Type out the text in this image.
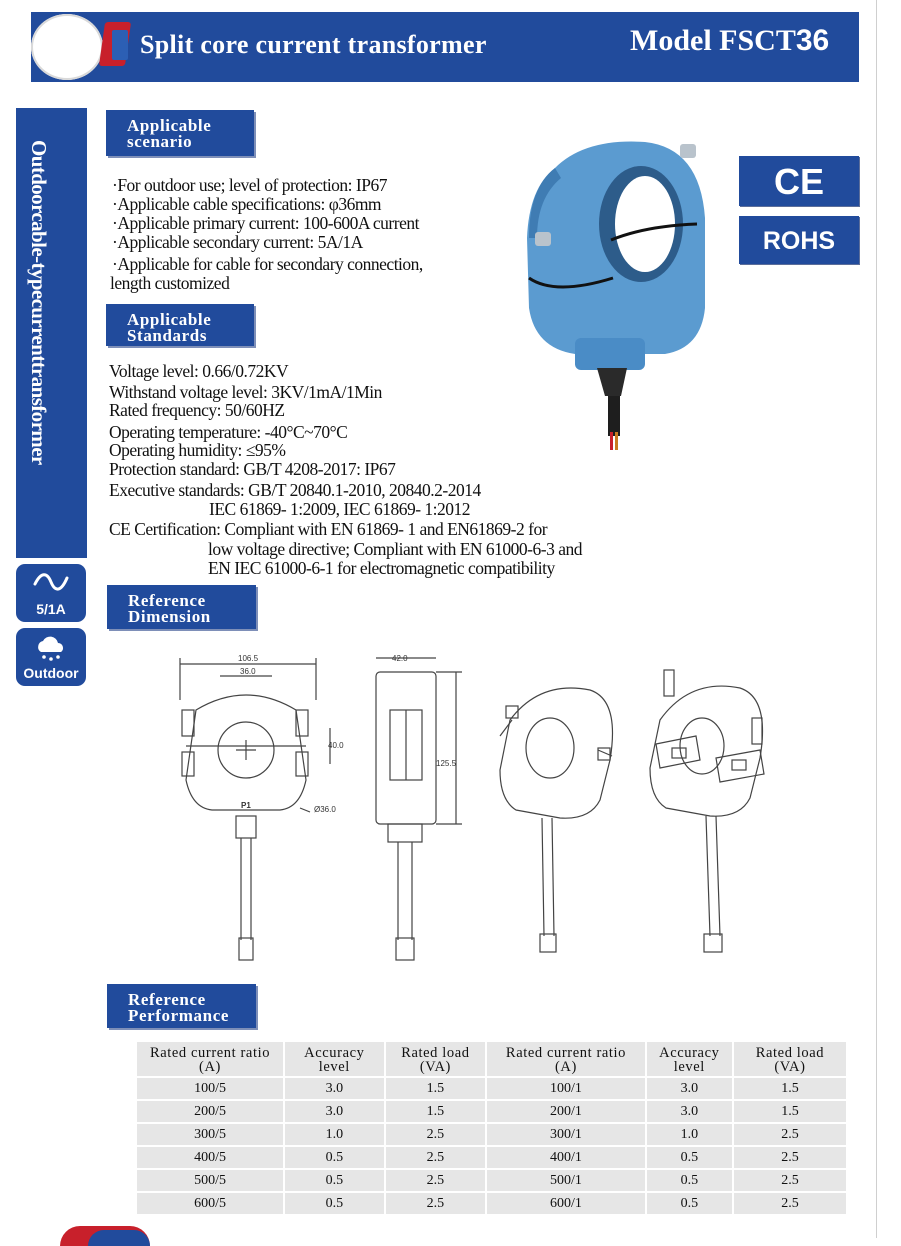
Split core current transformer	Model FSCT36
Outdoorcable-typecurrenttransformer
5/1A
Outdoor
Applicable
scenario
·For outdoor use; level of protection: IP67
·Applicable cable specifications: φ36mm
·Applicable primary current: 100-600A current
·Applicable secondary current: 5A/1A
·Applicable for cable for secondary connection,
length customized
Applicable
Standards
Voltage level: 0.66/0.72KV
Withstand voltage level: 3KV/1mA/1Min
Rated frequency: 50/60HZ
Operating temperature: -40°C~70°C
Operating humidity: ≤95%
Protection standard: GB/T 4208-2017: IP67
Executive standards: GB/T 20840.1-2010, 20840.2-2014
IEC 61869- 1:2009, IEC 61869- 1:2012
CE Certification: Compliant with EN 61869- 1 and EN61869-2 for
low voltage directive; Compliant with EN 61000-6-3 and
EN IEC 61000-6-1 for electromagnetic compatibility
CE
ROHS
Reference
Dimension
106.5
36.0
40.0
Ø36.0
P1
42.0
125.5
Reference
Performance
Rated current ratio
(A)	Accuracy
level	Rated load
(VA)	Rated current ratio
(A)	Accuracy
level	Rated load
(VA)
100/5	3.0	1.5	100/1	3.0	1.5
200/5	3.0	1.5	200/1	3.0	1.5
300/5	1.0	2.5	300/1	1.0	2.5
400/5	0.5	2.5	400/1	0.5	2.5
500/5	0.5	2.5	500/1	0.5	2.5
600/5	0.5	2.5	600/1	0.5	2.5
